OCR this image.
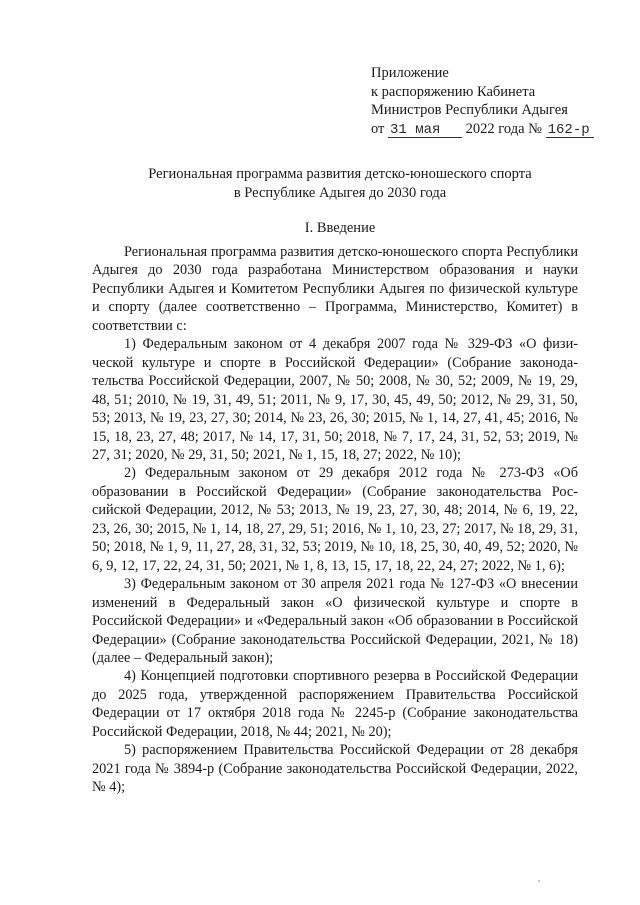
Приложение
к распоряжению Кабинета
Министров Республики Адыгея
от 31 мая 2022 года № 162-р
Региональная программа развития детско-юношеского спорта
в Республике Адыгея до 2030 года
I. Введение

Региональная программа развития детско-юношеского спорта Республики Адыгея до 2030 года разработана Министерством образования и науки Республики Адыгея и Комитетом Республики Адыгея по физической культуре и спорту (далее соответственно – Программа, Министерство, Комитет) в соответствии с:

1) Федеральным законом от 4 декабря 2007 года № 329-ФЗ «О физической культуре и спорте в Российской Федерации» (Собрание законодательства Российской Федерации, 2007, № 50; 2008, № 30, 52; 2009, № 19, 29, 48, 51; 2010, № 19, 31, 49, 51; 2011, № 9, 17, 30, 45, 49, 50; 2012, № 29, 31, 50, 53; 2013, № 19, 23, 27, 30; 2014, № 23, 26, 30; 2015, № 1, 14, 27, 41, 45; 2016, № 15, 18, 23, 27, 48; 2017, № 14, 17, 31, 50; 2018, № 7, 17, 24, 31, 52, 53; 2019, № 27, 31; 2020, № 29, 31, 50; 2021, № 1, 15, 18, 27; 2022, № 10);

2) Федеральным законом от 29 декабря 2012 года № 273-ФЗ «Об образовании в Российской Федерации» (Собрание законодательства Российской Федерации, 2012, № 53; 2013, № 19, 23, 27, 30, 48; 2014, № 6, 19, 22, 23, 26, 30; 2015, № 1, 14, 18, 27, 29, 51; 2016, № 1, 10, 23, 27; 2017, № 18, 29, 31, 50; 2018, № 1, 9, 11, 27, 28, 31, 32, 53; 2019, № 10, 18, 25, 30, 40, 49, 52; 2020, № 6, 9, 12, 17, 22, 24, 31, 50; 2021, № 1, 8, 13, 15, 17, 18, 22, 24, 27; 2022, № 1, 6);

3) Федеральным законом от 30 апреля 2021 года № 127-ФЗ «О внесении изменений в Федеральный закон «О физической культуре и спорте в Российской Федерации» и «Федеральный закон «Об образовании в Российской Федерации» (Собрание законодательства Российской Федерации, 2021, № 18) (далее – Федеральный закон);

4) Концепцией подготовки спортивного резерва в Российской Федерации до 2025 года, утвержденной распоряжением Правительства Российской Федерации от 17 октября 2018 года № 2245-р (Собрание законодательства Российской Федерации, 2018, № 44; 2021, № 20);

5) распоряжением Правительства Российской Федерации от 28 декабря 2021 года № 3894-р (Собрание законодательства Российской Федерации, 2022, № 4);
